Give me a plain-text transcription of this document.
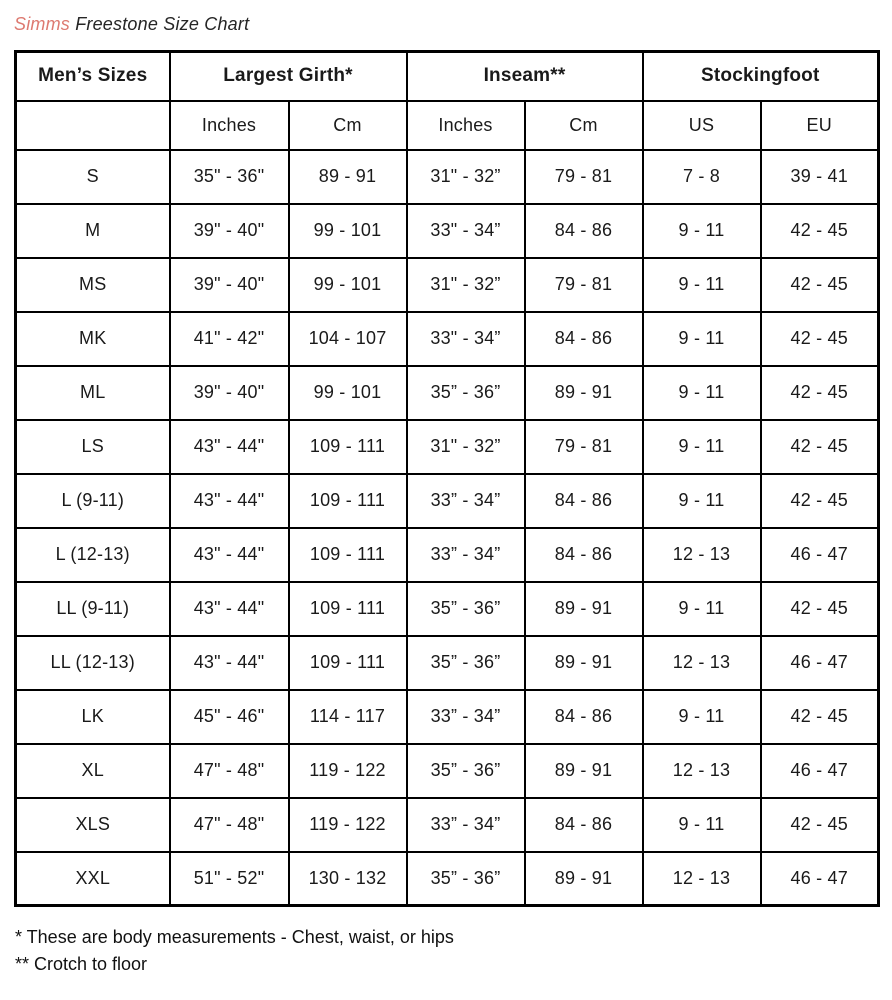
Simms Freestone Size Chart
Men’s Sizes	Largest Girth*		Inseam**		Stockingfoot	
	Inches	Cm	Inches	Cm	US	EU
S	35" - 36"	89 - 91	31" - 32”	79 - 81	7 - 8	39 - 41
M	39" - 40"	99 - 101	33" - 34”	84 - 86	9 - 11	42 - 45
MS	39" - 40"	99 - 101	31" - 32”	79 - 81	9 - 11	42 - 45
MK	41" - 42"	104 - 107	33" - 34”	84 - 86	9 - 11	42 - 45
ML	39" - 40"	99 - 101	35” - 36”	89 - 91	9 - 11	42 - 45
LS	43" - 44"	109 - 111	31" - 32”	79 - 81	9 - 11	42 - 45
L (9-11)	43" - 44"	109 - 111	33” - 34”	84 - 86	9 - 11	42 - 45
L (12-13)	43" - 44"	109 - 111	33” - 34”	84 - 86	12 - 13	46 - 47
LL (9-11)	43" - 44"	109 - 111	35” - 36”	89 - 91	9 - 11	42 - 45
LL (12-13)	43" - 44"	109 - 111	35” - 36”	89 - 91	12 - 13	46 - 47
LK	45" - 46"	114 - 117	33” - 34”	84 - 86	9 - 11	42 - 45
XL	47" - 48"	119 - 122	35” - 36”	89 - 91	12 - 13	46 - 47
XLS	47" - 48"	119 - 122	33” - 34”	84 - 86	9 - 11	42 - 45
XXL	51" - 52"	130 - 132	35” - 36”	89 - 91	12 - 13	46 - 47
* These are body measurements - Chest, waist, or hips
** Crotch to floor
